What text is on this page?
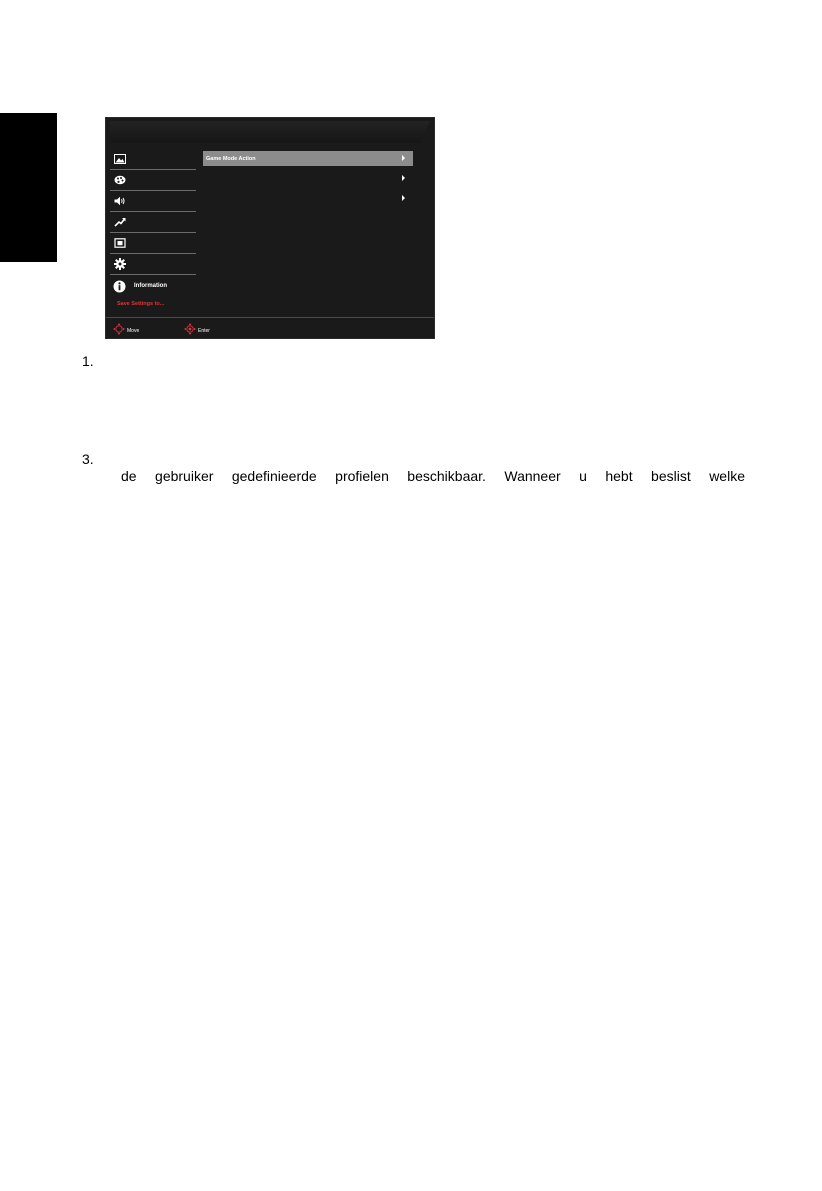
Information
Save Settings to...
Game Mode Action
Move	Enter

1.

3.

de gebruiker gedefinieerde profielen beschikbaar. Wanneer u hebt beslist welke
